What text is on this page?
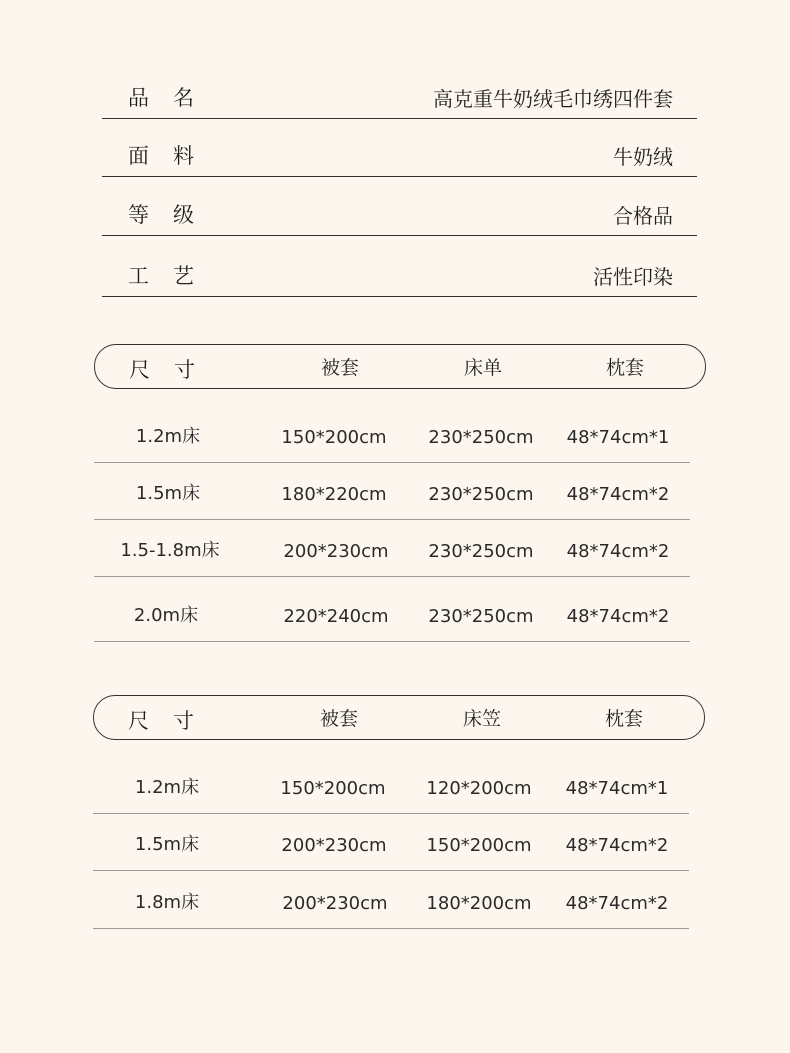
品名	高克重牛奶绒毛巾绣四件套
面料	牛奶绒
等级	合格品
工艺	活性印染
尺寸	被套	床单	枕套
1.2m床	150*200cm 230*250cm 48*74cm*1
1.5m床	180*220cm 230*250cm 48*74cm*2
1.5-1.8m床	200*230cm 230*250cm 48*74cm*2
2.0m床	220*240cm 230*250cm 48*74cm*2
尺寸	被套	床笠	枕套
1.2m床	150*200cm 120*200cm 48*74cm*1
1.5m床	200*230cm 150*200cm 48*74cm*2
1.8m床	200*230cm 180*200cm 48*74cm*2
